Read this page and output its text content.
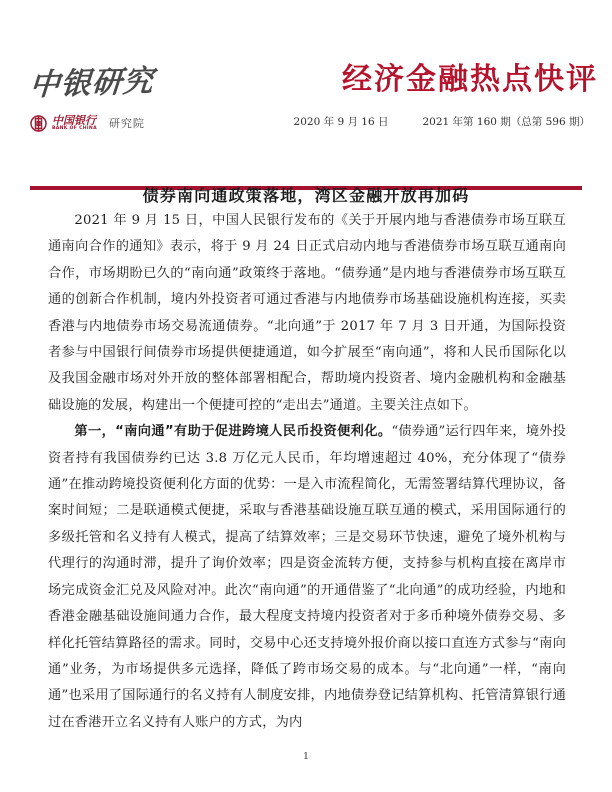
中银研究	经济金融热点快评
中国银行
BANK OF CHINA 研究院	2020 年 9 月 16 日	2021 年第 160 期（总第 596 期）
债券南向通政策落地，湾区金融开放再加码

2021 年 9 月 15 日，中国人民银行发布的《关于开展内地与香港债券市场互联互通南向合作的通知》表示，将于 9 月 24 日正式启动内地与香港债券市场互联互通南向合作，市场期盼已久的“南向通”政策终于落地。“债券通”是内地与香港债券市场互联互通的创新合作机制，境内外投资者可通过香港与内地债券市场基础设施机构连接，买卖香港与内地债券市场交易流通债券。“北向通”于 2017 年 7 月 3 日开通，为国际投资者参与中国银行间债券市场提供便捷通道，如今扩展至“南向通”，将和人民币国际化以及我国金融市场对外开放的整体部署相配合，帮助境内投资者、境内金融机构和金融基础设施的发展，构建出一个便捷可控的“走出去”通道。主要关注点如下。

第一，“南向通”有助于促进跨境人民币投资便利化。“债券通”运行四年来，境外投资者持有我国债券约已达 3.8 万亿元人民币，年均增速超过 40%，充分体现了“债券通”在推动跨境投资便利化方面的优势：一是入市流程简化，无需签署结算代理协议，备案时间短；二是联通模式便捷，采取与香港基础设施互联互通的模式，采用国际通行的多级托管和名义持有人模式，提高了结算效率；三是交易环节快速，避免了境外机构与代理行的沟通时滞，提升了询价效率；四是资金流转方便，支持参与机构直接在离岸市场完成资金汇兑及风险对冲。此次“南向通”的开通借鉴了“北向通”的成功经验，内地和香港金融基础设施间通力合作，最大程度支持境内投资者对于多币种境外债券交易、多样化托管结算路径的需求。同时，交易中心还支持境外报价商以接口直连方式参与“南向通”业务，为市场提供多元选择，降低了跨市场交易的成本。与“北向通”一样，“南向通”也采用了国际通行的名义持有人制度安排，内地债券登记结算机构、托管清算银行通过在香港开立名义持有人账户的方式，为内

1
